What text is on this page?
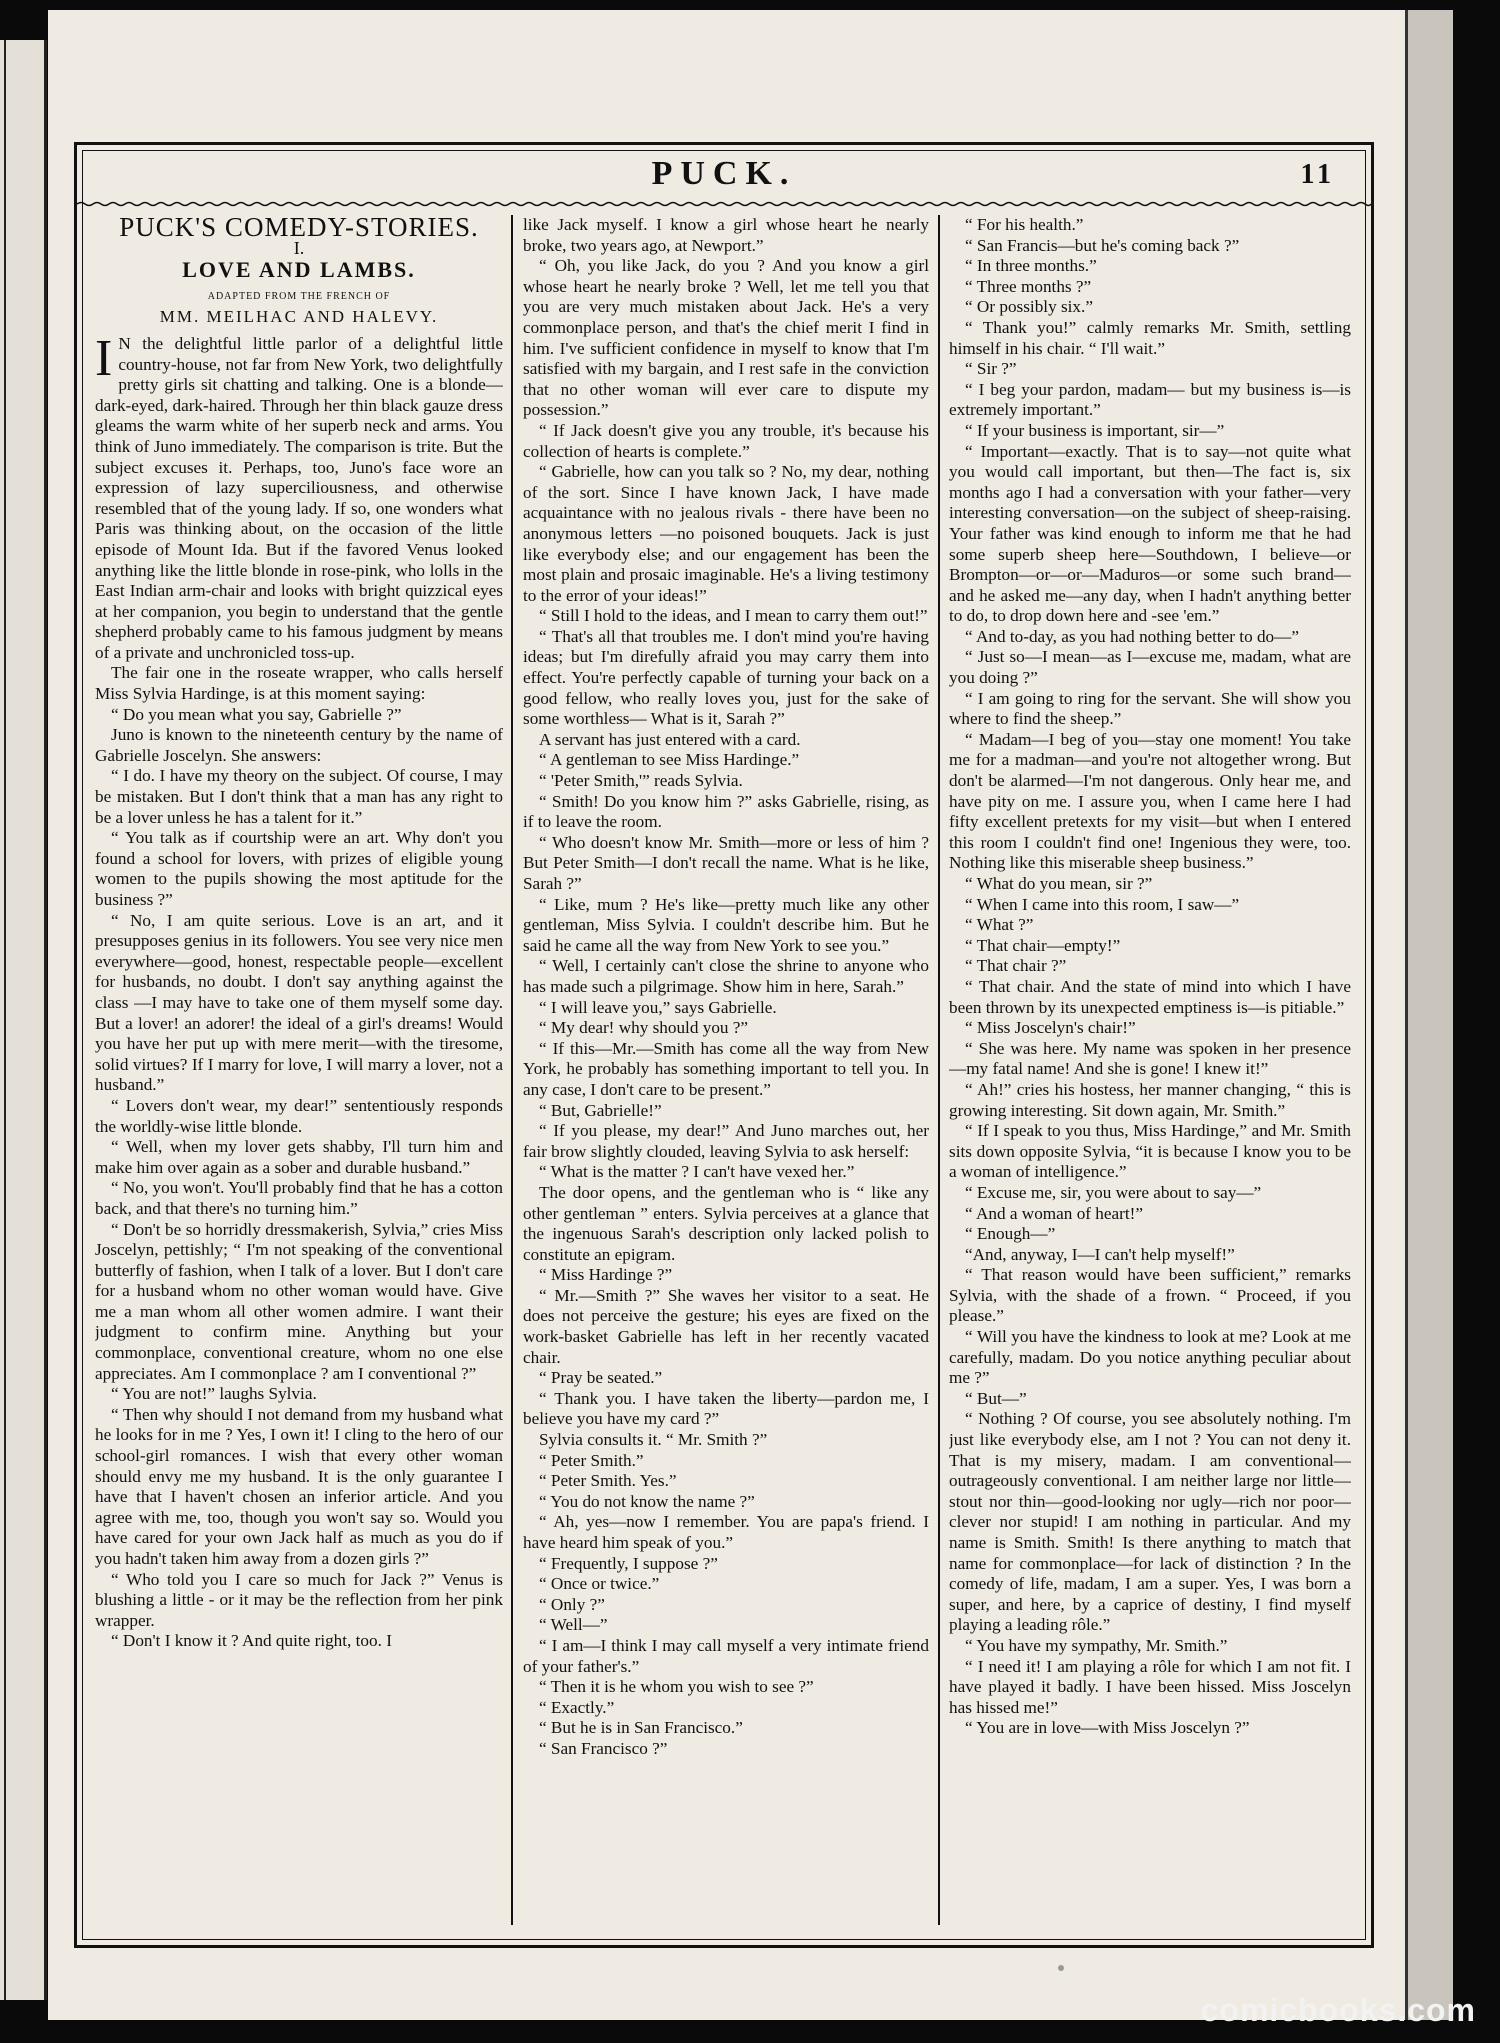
PUCK.	11
PUCK'S COMEDY-STORIES.
I.
LOVE AND LAMBS.
ADAPTED FROM THE FRENCH OF
MM. MEILHAC AND HALEVY.

I N the delightful little parlor of a delightful little country-house, not far from New York, two delightfully pretty girls sit chatting and talking. One is a blonde—dark-eyed, dark-haired. Through her thin black gauze dress gleams the warm white of her superb neck and arms. You think of Juno immediately. The comparison is trite. But the subject excuses it. Perhaps, too, Juno's face wore an expression of lazy superciliousness, and otherwise resembled that of the young lady. If so, one wonders what Paris was thinking about, on the occasion of the little episode of Mount Ida. But if the favored Venus looked anything like the little blonde in rose-pink, who lolls in the East Indian arm-chair and looks with bright quizzical eyes at her companion, you begin to understand that the gentle shepherd probably came to his famous judgment by means of a private and unchronicled toss-up.

The fair one in the roseate wrapper, who calls herself Miss Sylvia Hardinge, is at this moment saying:

“ Do you mean what you say, Gabrielle ?”

Juno is known to the nineteenth century by the name of Gabrielle Joscelyn. She answers:

“ I do. I have my theory on the subject. Of course, I may be mistaken. But I don't think that a man has any right to be a lover unless he has a talent for it.”

“ You talk as if courtship were an art. Why don't you found a school for lovers, with prizes of eligible young women to the pupils showing the most aptitude for the business ?”

“ No, I am quite serious. Love is an art, and it presupposes genius in its followers. You see very nice men everywhere—good, honest, respectable people—excellent for husbands, no doubt. I don't say anything against the class —I may have to take one of them myself some day. But a lover! an adorer! the ideal of a girl's dreams! Would you have her put up with mere merit—with the tiresome, solid virtues? If I marry for love, I will marry a lover, not a husband.”

“ Lovers don't wear, my dear!” sententiously responds the worldly-wise little blonde.

“ Well, when my lover gets shabby, I'll turn him and make him over again as a sober and durable husband.”

“ No, you won't. You'll probably find that he has a cotton back, and that there's no turning him.”

“ Don't be so horridly dressmakerish, Sylvia,” cries Miss Joscelyn, pettishly; “ I'm not speaking of the conventional butterfly of fashion, when I talk of a lover. But I don't care for a husband whom no other woman would have. Give me a man whom all other women admire. I want their judgment to confirm mine. Anything but your commonplace, conventional creature, whom no one else appreciates. Am I commonplace ? am I conventional ?”

“ You are not!” laughs Sylvia.

“ Then why should I not demand from my husband what he looks for in me ? Yes, I own it! I cling to the hero of our school-girl romances. I wish that every other woman should envy me my husband. It is the only guarantee I have that I haven't chosen an inferior article. And you agree with me, too, though you won't say so. Would you have cared for your own Jack half as much as you do if you hadn't taken him away from a dozen girls ?”

“ Who told you I care so much for Jack ?” Venus is blushing a little - or it may be the reflection from her pink wrapper.

“ Don't I know it ? And quite right, too. I

like Jack myself. I know a girl whose heart he nearly broke, two years ago, at Newport.”

“ Oh, you like Jack, do you ? And you know a girl whose heart he nearly broke ? Well, let me tell you that you are very much mistaken about Jack. He's a very commonplace person, and that's the chief merit I find in him. I've sufficient confidence in myself to know that I'm satisfied with my bargain, and I rest safe in the conviction that no other woman will ever care to dispute my possession.”

“ If Jack doesn't give you any trouble, it's because his collection of hearts is complete.”

“ Gabrielle, how can you talk so ? No, my dear, nothing of the sort. Since I have known Jack, I have made acquaintance with no jealous rivals - there have been no anonymous letters —no poisoned bouquets. Jack is just like everybody else; and our engagement has been the most plain and prosaic imaginable. He's a living testimony to the error of your ideas!”

“ Still I hold to the ideas, and I mean to carry them out!”

“ That's all that troubles me. I don't mind you're having ideas; but I'm direfully afraid you may carry them into effect. You're perfectly capable of turning your back on a good fellow, who really loves you, just for the sake of some worthless— What is it, Sarah ?”

A servant has just entered with a card.

“ A gentleman to see Miss Hardinge.”

“ 'Peter Smith,'” reads Sylvia.

“ Smith! Do you know him ?” asks Gabrielle, rising, as if to leave the room.

“ Who doesn't know Mr. Smith—more or less of him ? But Peter Smith—I don't recall the name. What is he like, Sarah ?”

“ Like, mum ? He's like—pretty much like any other gentleman, Miss Sylvia. I couldn't describe him. But he said he came all the way from New York to see you.”

“ Well, I certainly can't close the shrine to anyone who has made such a pilgrimage. Show him in here, Sarah.”

“ I will leave you,” says Gabrielle.

“ My dear! why should you ?”

“ If this—Mr.—Smith has come all the way from New York, he probably has something important to tell you. In any case, I don't care to be present.”

“ But, Gabrielle!”

“ If you please, my dear!” And Juno marches out, her fair brow slightly clouded, leaving Sylvia to ask herself:

“ What is the matter ? I can't have vexed her.”

The door opens, and the gentleman who is “ like any other gentleman ” enters. Sylvia perceives at a glance that the ingenuous Sarah's description only lacked polish to constitute an epigram.

“ Miss Hardinge ?”

“ Mr.—Smith ?” She waves her visitor to a seat. He does not perceive the gesture; his eyes are fixed on the work-basket Gabrielle has left in her recently vacated chair.

“ Pray be seated.”

“ Thank you. I have taken the liberty—pardon me, I believe you have my card ?”

Sylvia consults it. “ Mr. Smith ?”

“ Peter Smith.”

“ Peter Smith. Yes.”

“ You do not know the name ?”

“ Ah, yes—now I remember. You are papa's friend. I have heard him speak of you.”

“ Frequently, I suppose ?”

“ Once or twice.”

“ Only ?”

“ Well—”

“ I am—I think I may call myself a very intimate friend of your father's.”

“ Then it is he whom you wish to see ?”

“ Exactly.”

“ But he is in San Francisco.”

“ San Francisco ?”

“ For his health.”

“ San Francis—but he's coming back ?”

“ In three months.”

“ Three months ?”

“ Or possibly six.”

“ Thank you!” calmly remarks Mr. Smith, settling himself in his chair. “ I'll wait.”

“ Sir ?”

“ I beg your pardon, madam— but my business is—is extremely important.”

“ If your business is important, sir—”

“ Important—exactly. That is to say—not quite what you would call important, but then—The fact is, six months ago I had a conversation with your father—very interesting conversation—on the subject of sheep-raising. Your father was kind enough to inform me that he had some superb sheep here—Southdown, I believe—or Brompton—or—or—Maduros—or some such brand—and he asked me—any day, when I hadn't anything better to do, to drop down here and -see 'em.”

“ And to-day, as you had nothing better to do—”

“ Just so—I mean—as I—excuse me, madam, what are you doing ?”

“ I am going to ring for the servant. She will show you where to find the sheep.”

“ Madam—I beg of you—stay one moment! You take me for a madman—and you're not altogether wrong. But don't be alarmed—I'm not dangerous. Only hear me, and have pity on me. I assure you, when I came here I had fifty excellent pretexts for my visit—but when I entered this room I couldn't find one! Ingenious they were, too. Nothing like this miserable sheep business.”

“ What do you mean, sir ?”

“ When I came into this room, I saw—”

“ What ?”

“ That chair—empty!”

“ That chair ?”

“ That chair. And the state of mind into which I have been thrown by its unexpected emptiness is—is pitiable.”

“ Miss Joscelyn's chair!”

“ She was here. My name was spoken in her presence—my fatal name! And she is gone! I knew it!”

“ Ah!” cries his hostess, her manner changing, “ this is growing interesting. Sit down again, Mr. Smith.”

“ If I speak to you thus, Miss Hardinge,” and Mr. Smith sits down opposite Sylvia, “it is because I know you to be a woman of intelligence.”

“ Excuse me, sir, you were about to say—”

“ And a woman of heart!”

“ Enough—”

“And, anyway, I—I can't help myself!”

“ That reason would have been sufficient,” remarks Sylvia, with the shade of a frown. “ Proceed, if you please.”

“ Will you have the kindness to look at me? Look at me carefully, madam. Do you notice anything peculiar about me ?”

“ But—”

“ Nothing ? Of course, you see absolutely nothing. I'm just like everybody else, am I not ? You can not deny it. That is my misery, madam. I am conventional—outrageously conventional. I am neither large nor little—stout nor thin—good-looking nor ugly—rich nor poor—clever nor stupid! I am nothing in particular. And my name is Smith. Smith! Is there anything to match that name for commonplace—for lack of distinction ? In the comedy of life, madam, I am a super. Yes, I was born a super, and here, by a caprice of destiny, I find myself playing a leading rôle.”

“ You have my sympathy, Mr. Smith.”

“ I need it! I am playing a rôle for which I am not fit. I have played it badly. I have been hissed. Miss Joscelyn has hissed me!”

“ You are in love—with Miss Joscelyn ?”

comicbooks.com
